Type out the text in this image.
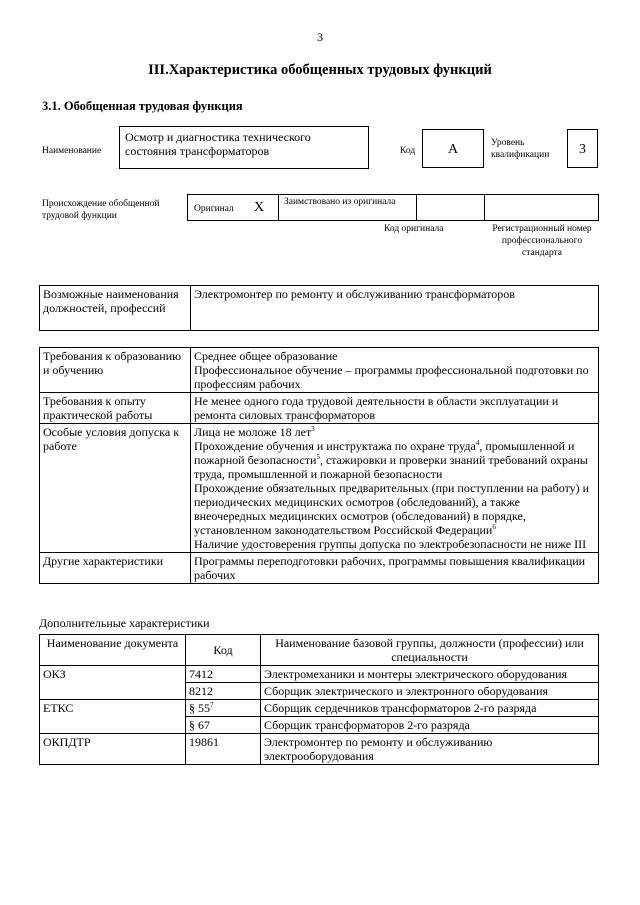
3
III.Характеристика обобщенных трудовых функций
3.1. Обобщенная трудовая функция
Наименование
Осмотр и диагностика технического состояния трансформаторов	Код	А	Уровень квалификации	3
Происхождение обобщенной трудовой функции
Оригинал X Заимствовано из оригинала
Код оригинала	Регистрационный номер профессионального стандарта
Возможные наименования должностей, профессий	Электромонтер по ремонту и обслуживанию трансформаторов
Требования к образованию и обучению	Среднее общее образование
Профессиональное обучение – программы профессиональной подготовки по профессиям рабочих

Требования к опыту практической работы	Не менее одного года трудовой деятельности в области эксплуатации и ремонта силовых трансформаторов
Особые условия допуска к работе	Лица не моложе 18 лет$^3$
Прохождение обучения и инструктажа по охране труда$^4$, промышленной и пожарной безопасности$^5$, стажировки и проверки знаний требований охраны труда, промышленной и пожарной безопасности
Прохождение обязательных предварительных (при поступлении на работу) и периодических медицинских осмотров (обследований), а также внеочередных медицинских осмотров (обследований) в порядке, установленном законодательством Российской Федерации$^6$
Наличие удостоверения группы допуска по электробезопасности не ниже III

Другие характеристики	Программы переподготовки рабочих, программы повышения квалификации рабочих
Дополнительные характеристики
Наименование документа	Код	Наименование базовой группы, должности (профессии) или специальности
ОКЗ	7412	Электромеханики и монтеры электрического оборудования
	8212	Сборщик электрического и электронного оборудования
ЕТКС	§ $55^7$	Сборщик сердечников трансформаторов 2-го разряда
	§ 67	Сборщик трансформаторов 2-го разряда
ОКПДТР	19861	Электромонтер по ремонту и обслуживанию электрооборудования
